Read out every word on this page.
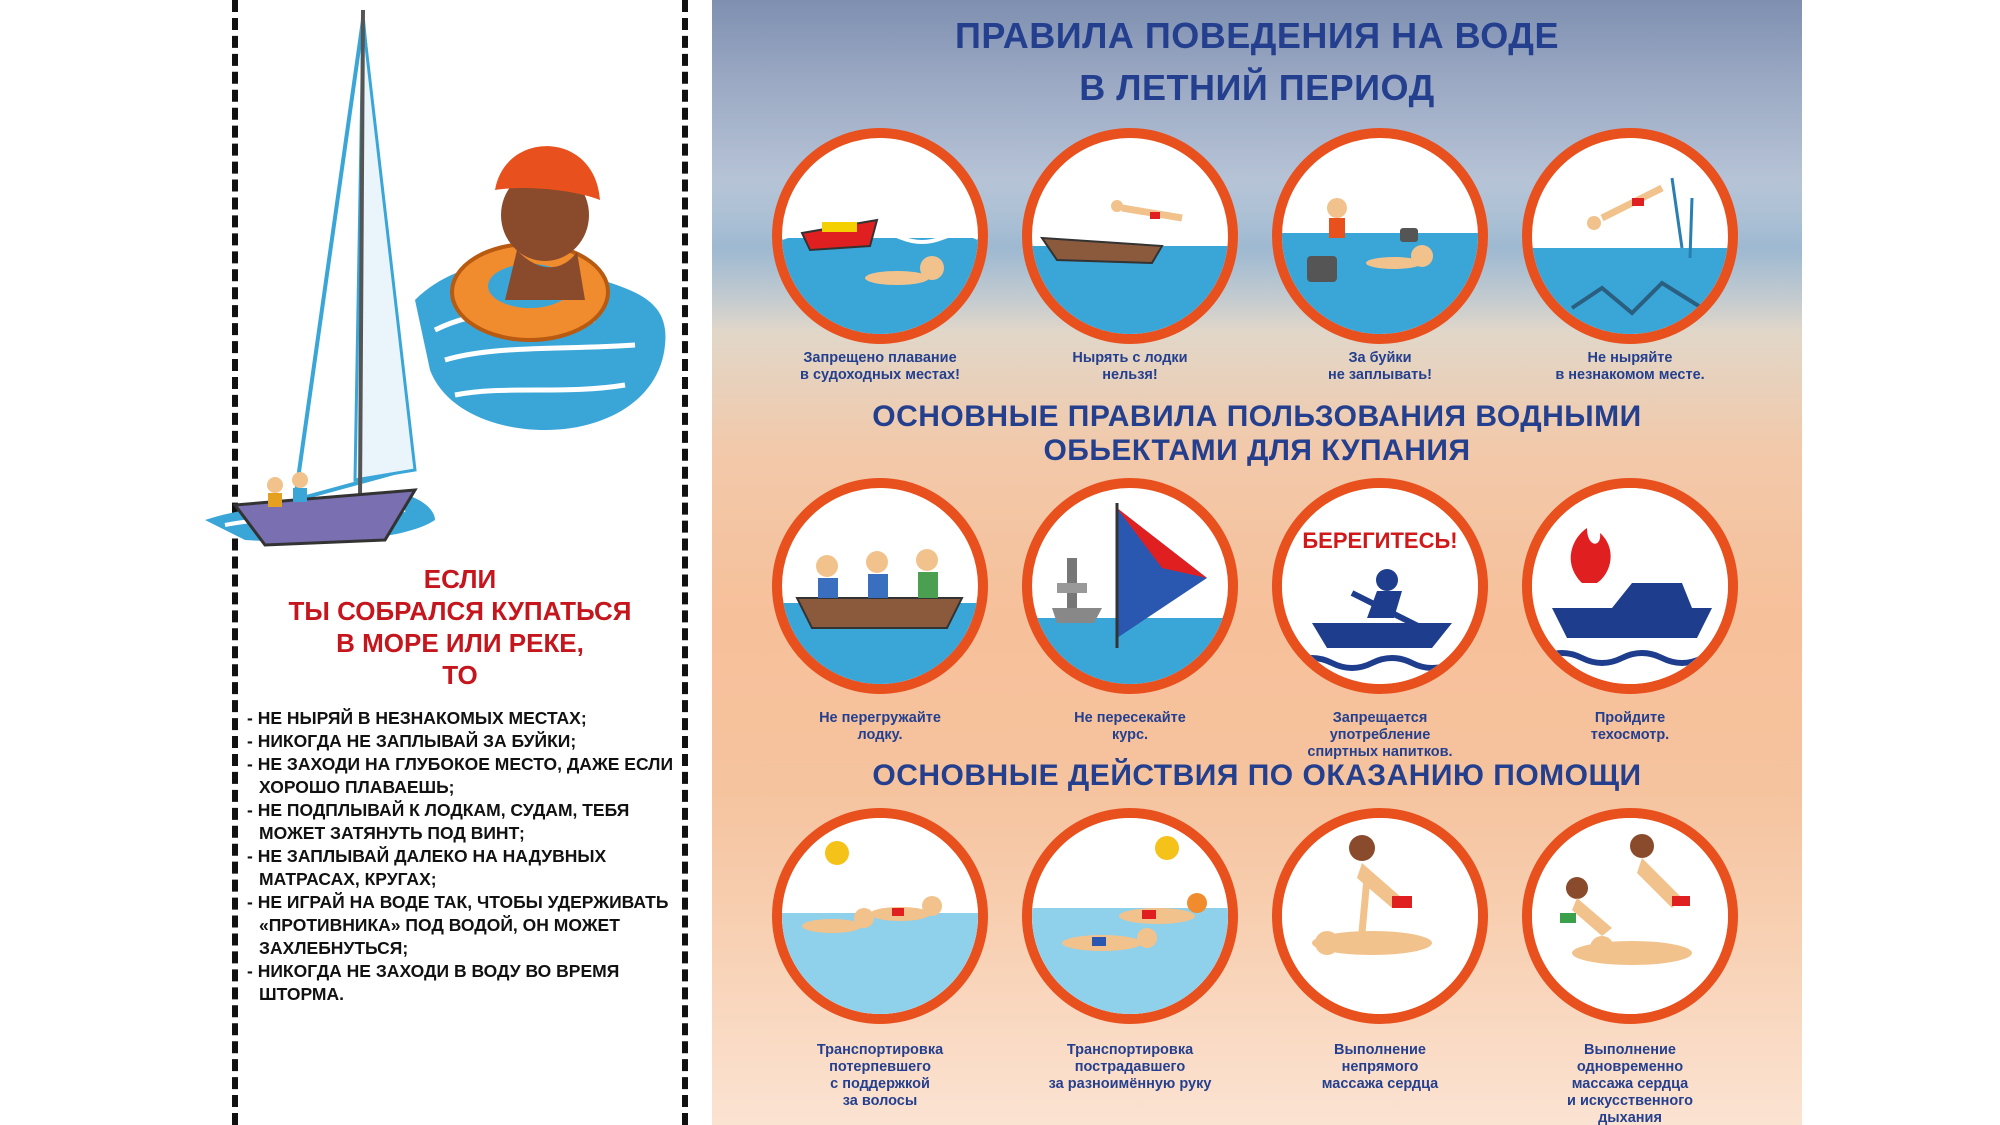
ЕСЛИ
ТЫ СОБРАЛСЯ КУПАТЬСЯ
В МОРЕ ИЛИ РЕКЕ,
ТО
- НЕ НЫРЯЙ В НЕЗНАКОМЫХ МЕСТАХ;
- НИКОГДА НЕ ЗАПЛЫВАЙ ЗА БУЙКИ;
- НЕ ЗАХОДИ НА ГЛУБОКОЕ МЕСТО, ДАЖЕ ЕСЛИ ХОРОШО ПЛАВАЕШЬ;
- НЕ ПОДПЛЫВАЙ К ЛОДКАМ, СУДАМ, ТЕБЯ МОЖЕТ ЗАТЯНУТЬ ПОД ВИНТ;
- НЕ ЗАПЛЫВАЙ ДАЛЕКО НА НАДУВНЫХ МАТРАСАХ, КРУГАХ;
- НЕ ИГРАЙ НА ВОДЕ ТАК, ЧТОБЫ УДЕРЖИВАТЬ «ПРОТИВНИКА» ПОД ВОДОЙ, ОН МОЖЕТ ЗАХЛЕБНУТЬСЯ;
- НИКОГДА НЕ ЗАХОДИ В ВОДУ ВО ВРЕМЯ ШТОРМА.
ПРАВИЛА ПОВЕДЕНИЯ НА ВОДЕ
В ЛЕТНИЙ ПЕРИОД
Запрещено плавание
в судоходных местах!
Нырять с лодки
нельзя!
За буйки
не заплывать!
Не ныряйте
в незнакомом месте.
ОСНОВНЫЕ ПРАВИЛА ПОЛЬЗОВАНИЯ ВОДНЫМИ
ОБЬЕКТАМИ ДЛЯ КУПАНИЯ
БЕРЕГИТЕСЬ!
Не перегружайте
лодку.
Не пересекайте
курс.
Запрещается
употребление
спиртных напитков.
Пройдите
техосмотр.
ОСНОВНЫЕ ДЕЙСТВИЯ ПО ОКАЗАНИЮ ПОМОЩИ
Транспортировка
потерпевшего
с поддержкой
за волосы
Транспортировка
пострадавшего
за разноимённую руку
Выполнение
непрямого
массажа сердца
Выполнение
одновременно
массажа сердца
и искусственного
дыхания
